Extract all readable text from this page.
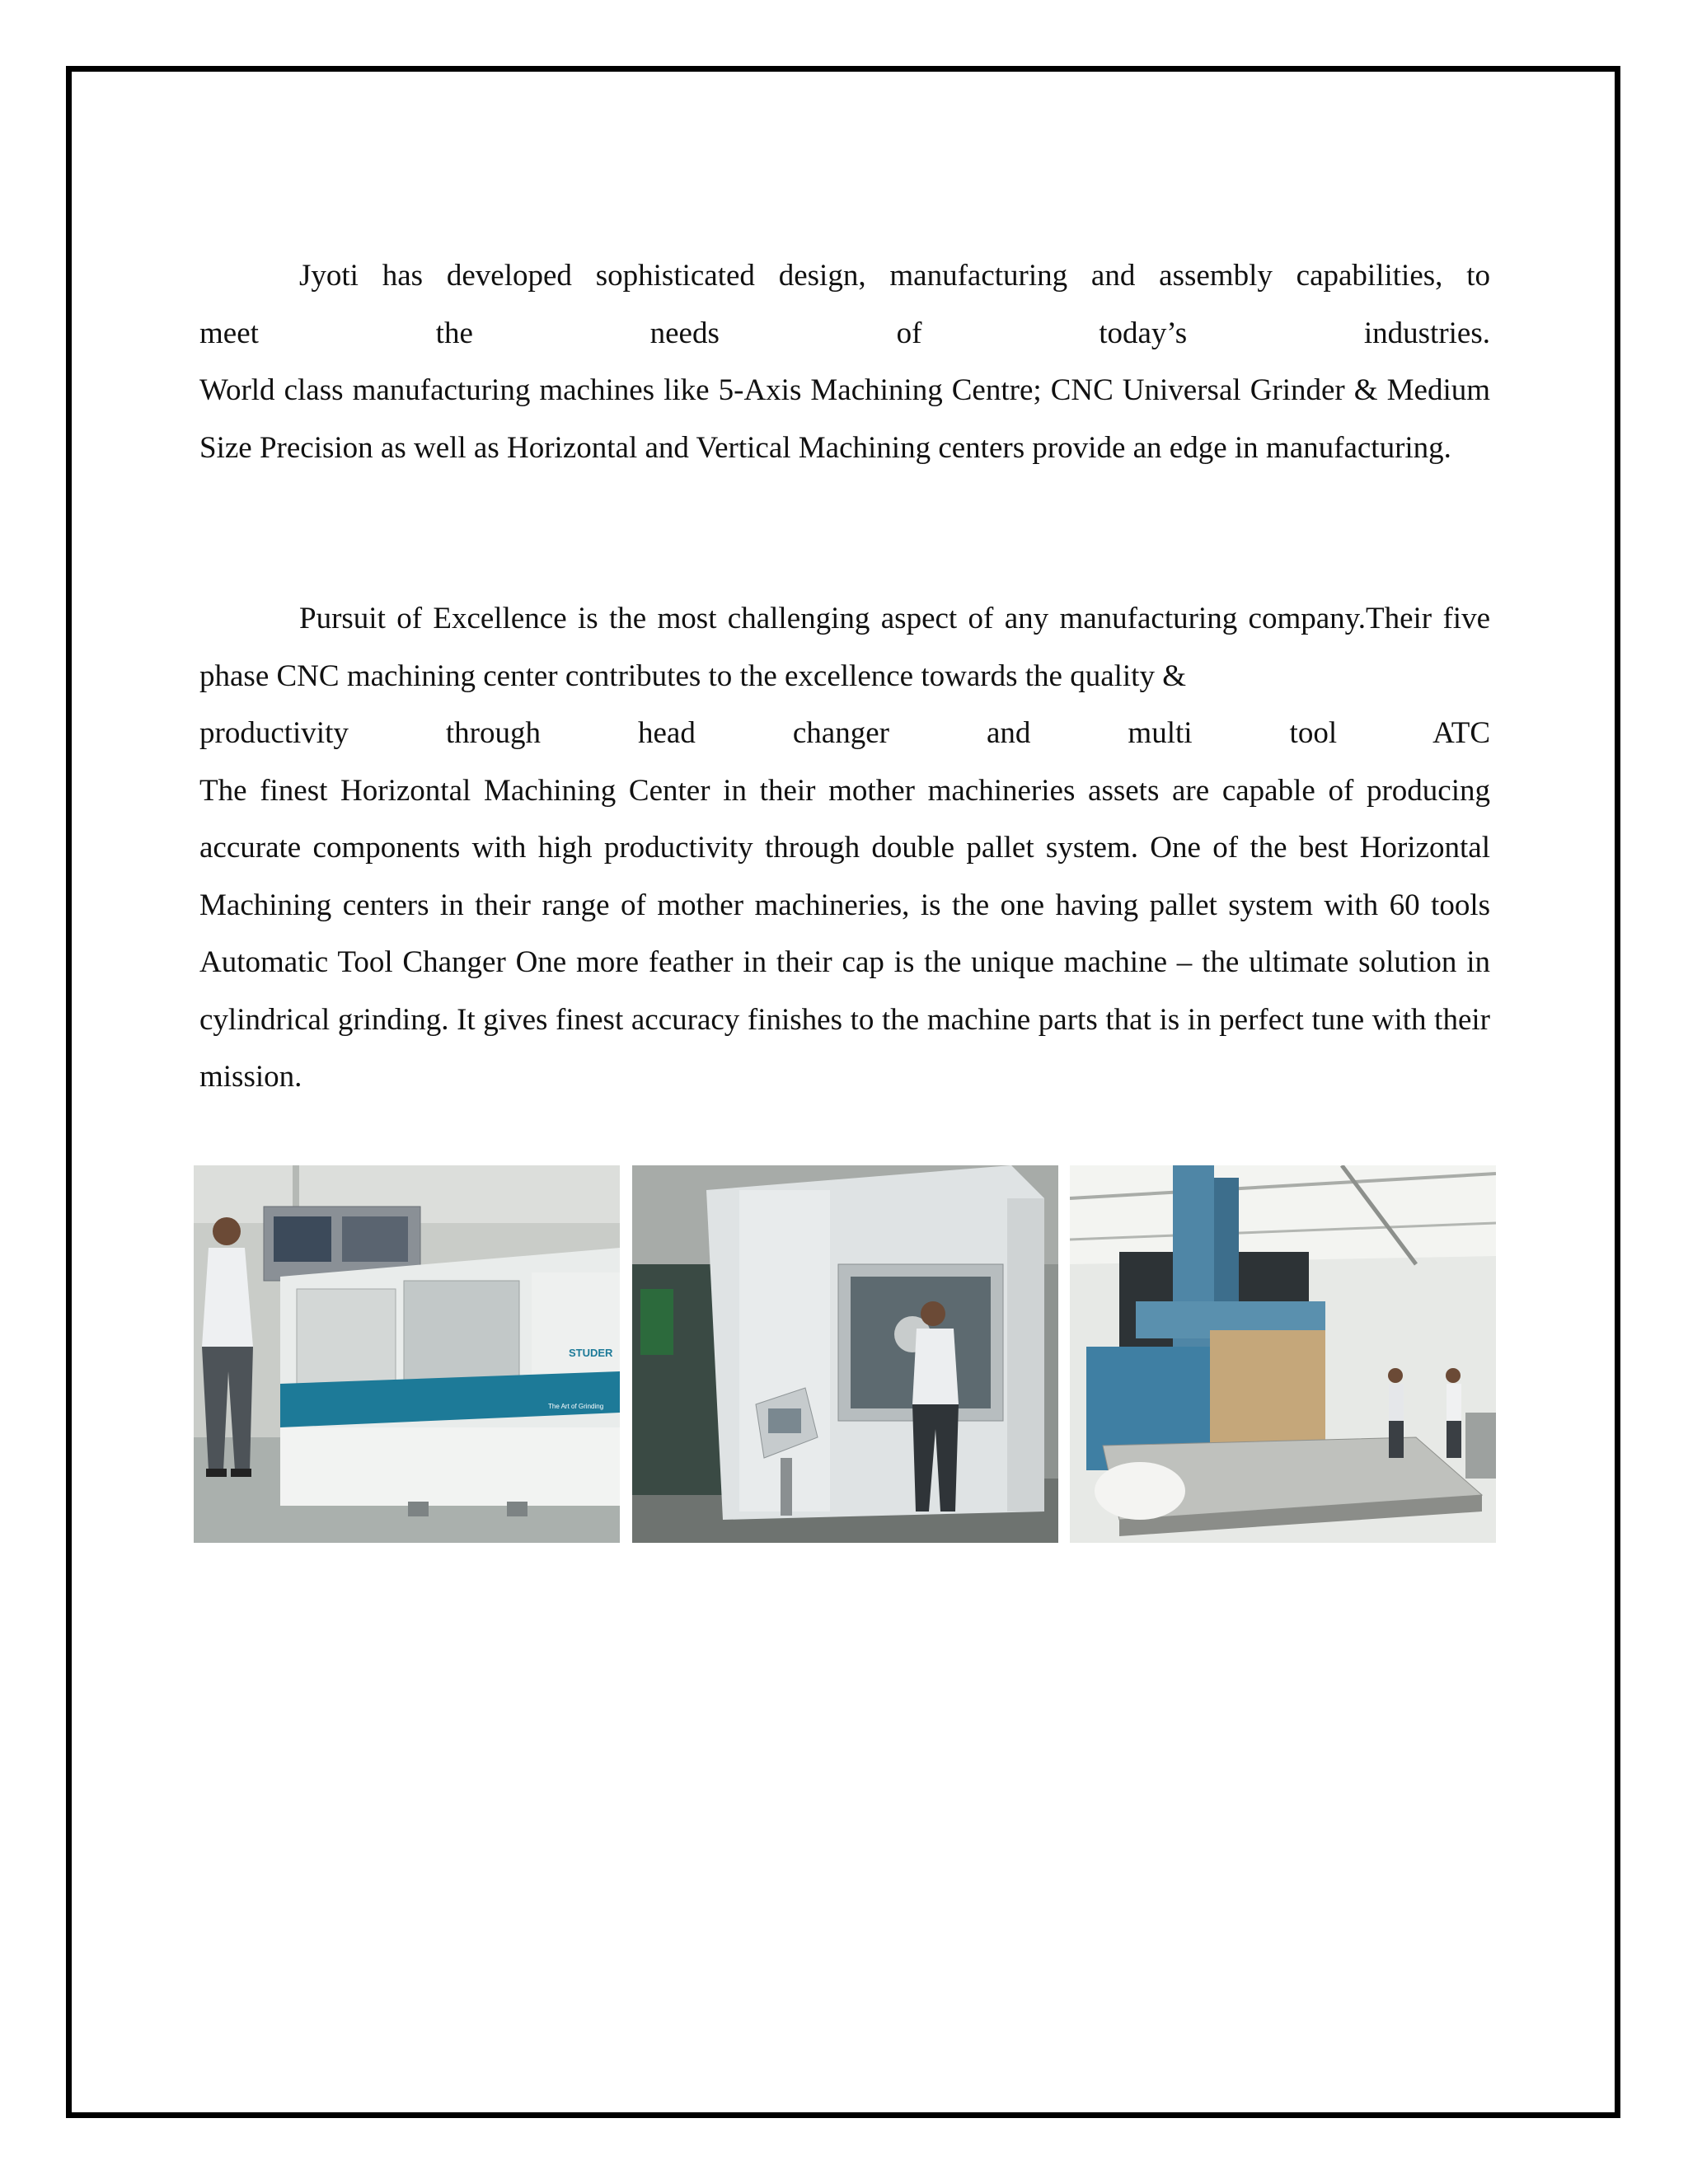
Jyoti has developed sophisticated design, manufacturing and assembly capabilities, to
meet the needs of today’s industries.

World class manufacturing machines like 5-Axis Machining Centre; CNC Universal Grinder & Medium Size Precision as well as Horizontal and Vertical Machining centers provide an edge in manufacturing.

Pursuit of Excellence is the most challenging aspect of any manufacturing company.Their five phase CNC machining center contributes to the excellence towards the quality &

productivity through head changer and multi tool ATC

The finest Horizontal Machining Center in their mother machineries assets are capable of producing accurate components with high productivity through double pallet system. One of the best Horizontal Machining centers in their range of mother machineries, is the one having pallet system with 60 tools Automatic Tool Changer One more feather in their cap is the unique machine – the ultimate solution in cylindrical grinding. It gives finest accuracy finishes to the machine parts that is in perfect tune with their mission.

STUDER
The Art of Grinding
